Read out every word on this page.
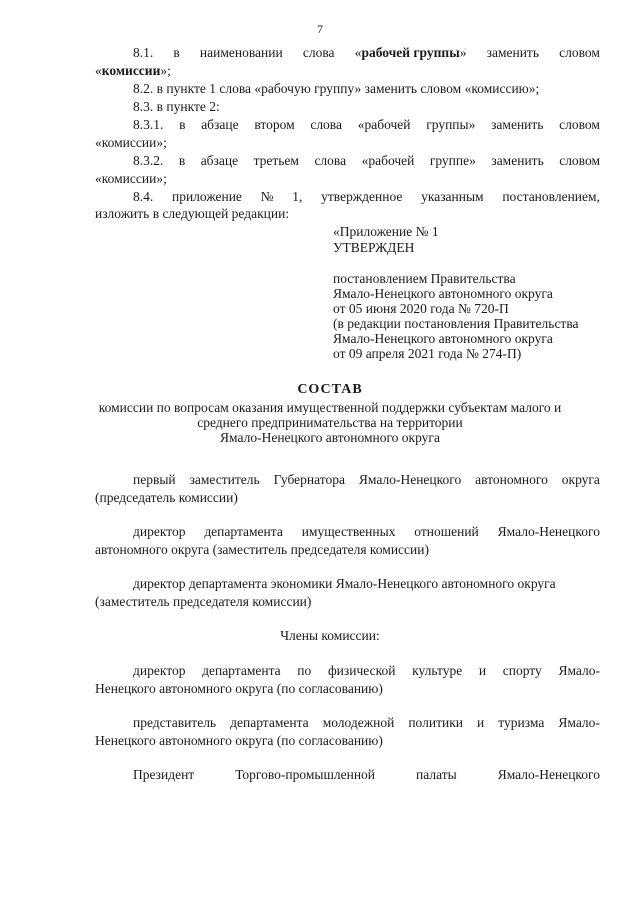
7
8.1. в наименовании слова «рабочей группы» заменить словом
«комиссии»;
8.2. в пункте 1 слова «рабочую группу» заменить словом «комиссию»;
8.3. в пункте 2:
8.3.1. в абзаце втором слова «рабочей группы» заменить словом
«комиссии»;
8.3.2. в абзаце третьем слова «рабочей группе» заменить словом
«комиссии»;
8.4. приложение № 1, утвержденное указанным постановлением,
изложить в следующей редакции:
«Приложение № 1
УТВЕРЖДЕН
постановлением Правительства
Ямало-Ненецкого автономного округа
от 05 июня 2020 года № 720-П
(в редакции постановления Правительства
Ямало-Ненецкого автономного округа
от 09 апреля 2021 года № 274-П)
СОСТАВ
комиссии по вопросам оказания имущественной поддержки субъектам малого и
среднего предпринимательства на территории
Ямало-Ненецкого автономного округа
первый заместитель Губернатора Ямало-Ненецкого автономного округа
(председатель комиссии)
директор департамента имущественных отношений Ямало-Ненецкого
автономного округа (заместитель председателя комиссии)
директор департамента экономики Ямало-Ненецкого автономного округа
(заместитель председателя комиссии)
Члены комиссии:
директор департамента по физической культуре и спорту Ямало-
Ненецкого автономного округа (по согласованию)
представитель департамента молодежной политики и туризма Ямало-
Ненецкого автономного округа (по согласованию)
Президент	Торгово-промышленной	палаты	Ямало-Ненецкого
